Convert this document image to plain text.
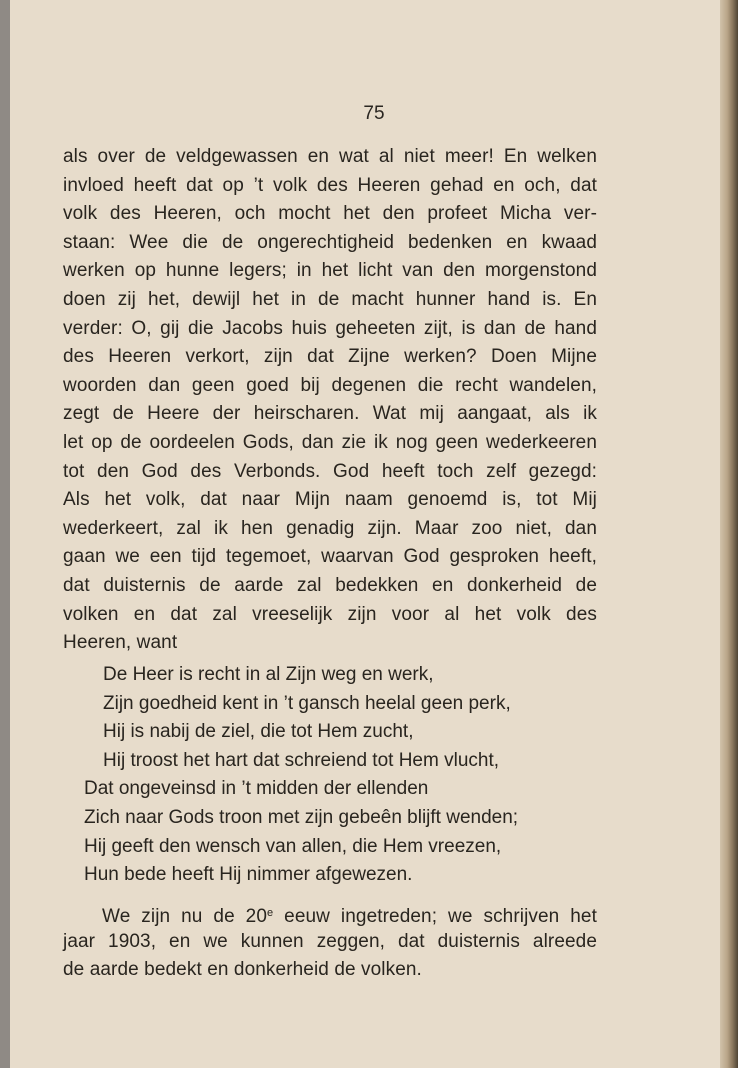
75
als over de veldgewassen en wat al niet meer! En welken
invloed heeft dat op ’t volk des Heeren gehad en och, dat
volk des Heeren, och mocht het den profeet Micha ver-
staan: Wee die de ongerechtigheid bedenken en kwaad
werken op hunne legers; in het licht van den morgenstond
doen zij het, dewijl het in de macht hunner hand is. En
verder: O, gij die Jacobs huis geheeten zijt, is dan de hand
des Heeren verkort, zijn dat Zijne werken? Doen Mijne
woorden dan geen goed bij degenen die recht wandelen,
zegt de Heere der heirscharen. Wat mij aangaat, als ik
let op de oordeelen Gods, dan zie ik nog geen wederkeeren
tot den God des Verbonds. God heeft toch zelf gezegd:
Als het volk, dat naar Mijn naam genoemd is, tot Mij
wederkeert, zal ik hen genadig zijn. Maar zoo niet, dan
gaan we een tijd tegemoet, waarvan God gesproken heeft,
dat duisternis de aarde zal bedekken en donkerheid de
volken en dat zal vreeselijk zijn voor al het volk des
Heeren, want
De Heer is recht in al Zijn weg en werk,
Zijn goedheid kent in ’t gansch heelal geen perk,
Hij is nabij de ziel, die tot Hem zucht,
Hij troost het hart dat schreiend tot Hem vlucht,
Dat ongeveinsd in ’t midden der ellenden
Zich naar Gods troon met zijn gebeên blijft wenden;
Hij geeft den wensch van allen, die Hem vreezen,
Hun bede heeft Hij nimmer afgewezen.
We zijn nu de 20e eeuw ingetreden; we schrijven het
jaar 1903, en we kunnen zeggen, dat duisternis alreede
de aarde bedekt en donkerheid de volken.
